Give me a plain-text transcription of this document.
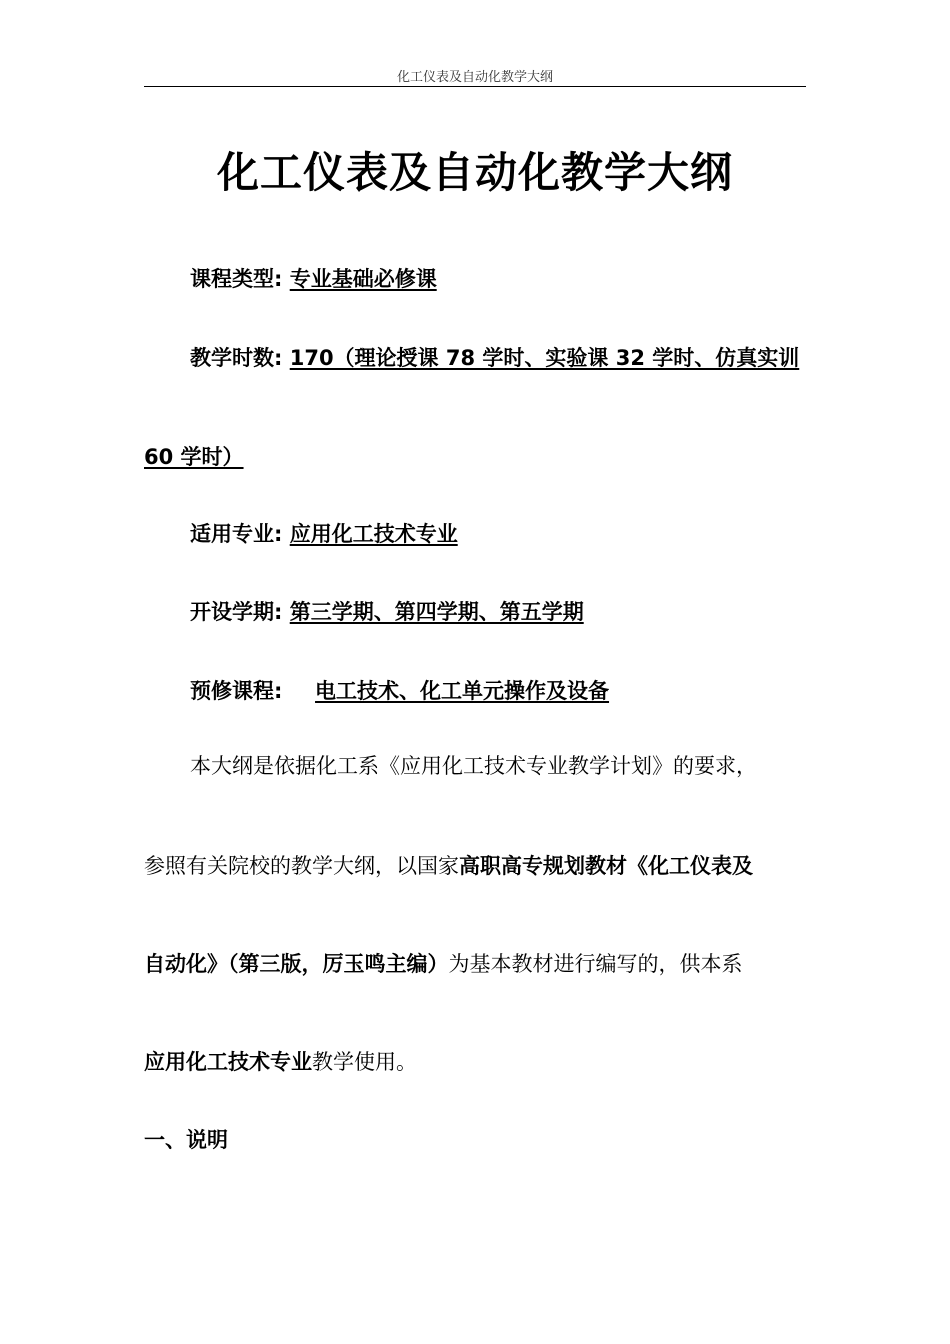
化工仪表及自动化教学大纲
化工仪表及自动化教学大纲
课程类型: 专业基础必修课
教学时数: 170（理论授课 78 学时、实验课 32 学时、仿真实训
60 学时）
适用专业: 应用化工技术专业
开设学期: 第三学期、第四学期、第五学期
预修课程: 电工技术、化工单元操作及设备
本大纲是依据化工系《应用化工技术专业教学计划》的要求，
参照有关院校的教学大纲，以国家高职高专规划教材《化工仪表及
自动化》（第三版，厉玉鸣主编）为基本教材进行编写的，供本系
应用化工技术专业教学使用。
一、说明
